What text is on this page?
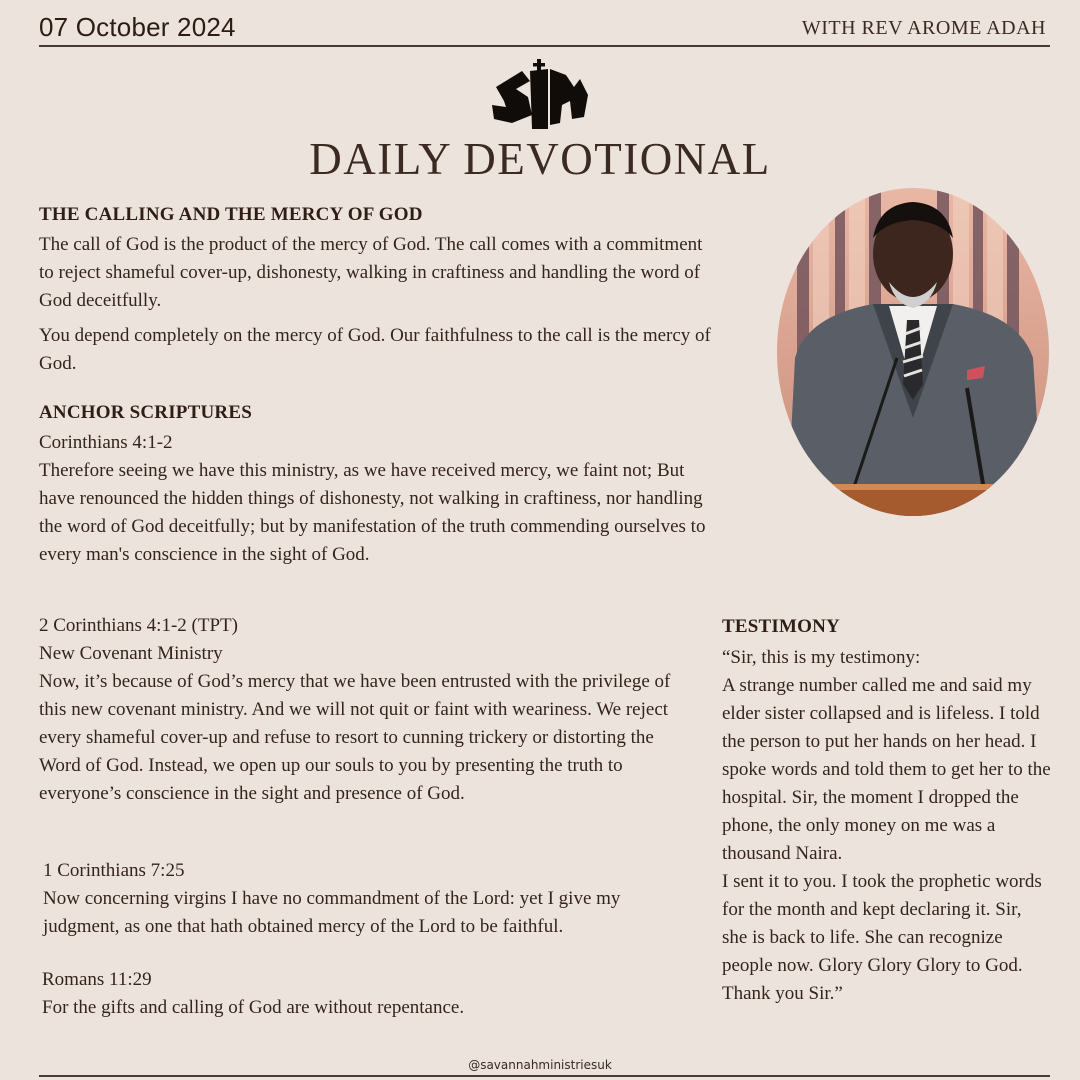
07 October 2024	WITH REV AROME ADAH
DAILY DEVOTIONAL
THE CALLING AND THE MERCY OF GOD
The call of God is the product of the mercy of God. The call comes with a commitment to reject shameful cover-up, dishonesty, walking in craftiness and handling the word of God deceitfully.
You depend completely on the mercy of God. Our faithfulness to the call is the mercy of God.
ANCHOR SCRIPTURES
Corinthians 4:1-2
Therefore seeing we have this ministry, as we have received mercy, we faint not; But have renounced the hidden things of dishonesty, not walking in craftiness, nor handling the word of God deceitfully; but by manifestation of the truth commending ourselves to every man's conscience in the sight of God.
2 Corinthians 4:1-2 (TPT)
New Covenant Ministry
Now, it’s because of God’s mercy that we have been entrusted with the privilege of this new covenant ministry. And we will not quit or faint with weariness. We reject every shameful cover-up and refuse to resort to cunning trickery or distorting the Word of God. Instead, we open up our souls to you by presenting the truth to everyone’s conscience in the sight and presence of God.
1 Corinthians 7:25
Now concerning virgins I have no commandment of the Lord: yet I give my judgment, as one that hath obtained mercy of the Lord to be faithful.
Romans 11:29
For the gifts and calling of God are without repentance.
TESTIMONY
“Sir, this is my testimony:
A strange number called me and said my elder sister collapsed and is lifeless. I told the person to put her hands on her head. I spoke words and told them to get her to the hospital. Sir, the moment I dropped the phone, the only money on me was a thousand Naira.
I sent it to you. I took the prophetic words for the month and kept declaring it. Sir, she is back to life. She can recognize people now. Glory Glory Glory to God. Thank you Sir.”
@savannahministriesuk
